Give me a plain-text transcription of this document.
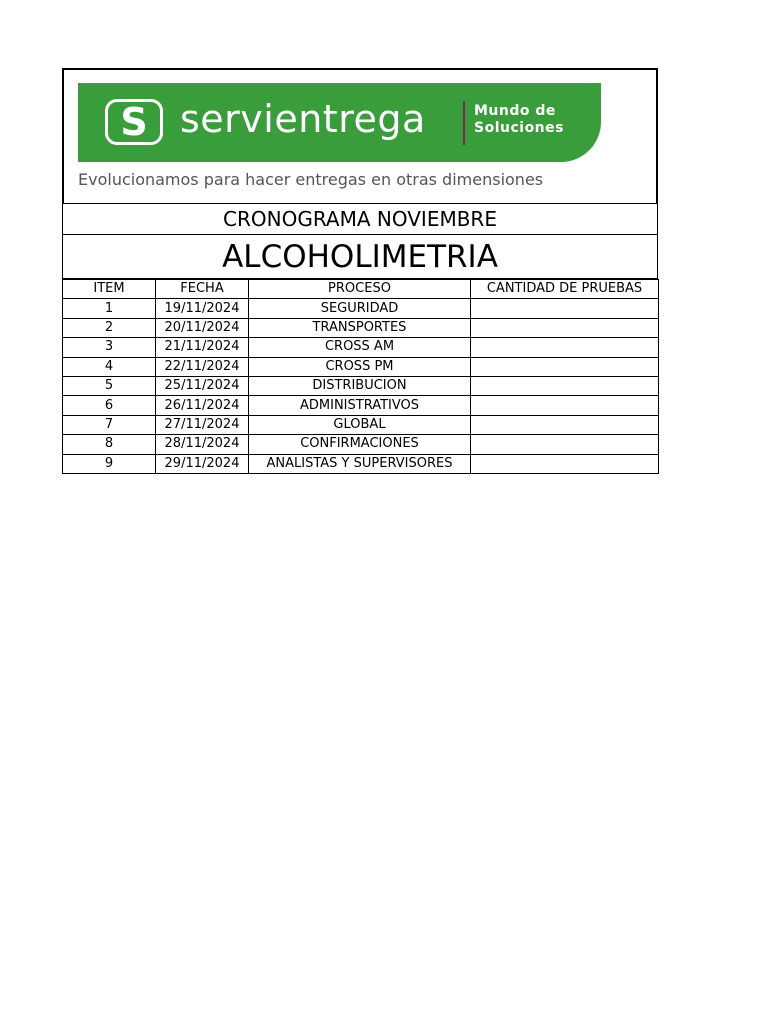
S servientrega	Mundo de
Soluciones
Evolucionamos para hacer entregas en otras dimensiones
CRONOGRAMA NOVIEMBRE
ALCOHOLIMETRIA
ITEM	FECHA	PROCESO	CANTIDAD DE PRUEBAS
1	19/11/2024	SEGURIDAD	
2	20/11/2024	TRANSPORTES	
3	21/11/2024	CROSS AM	
4	22/11/2024	CROSS PM	
5	25/11/2024	DISTRIBUCION	
6	26/11/2024	ADMINISTRATIVOS	
7	27/11/2024	GLOBAL	
8	28/11/2024	CONFIRMACIONES	
9	29/11/2024	ANALISTAS Y SUPERVISORES	
